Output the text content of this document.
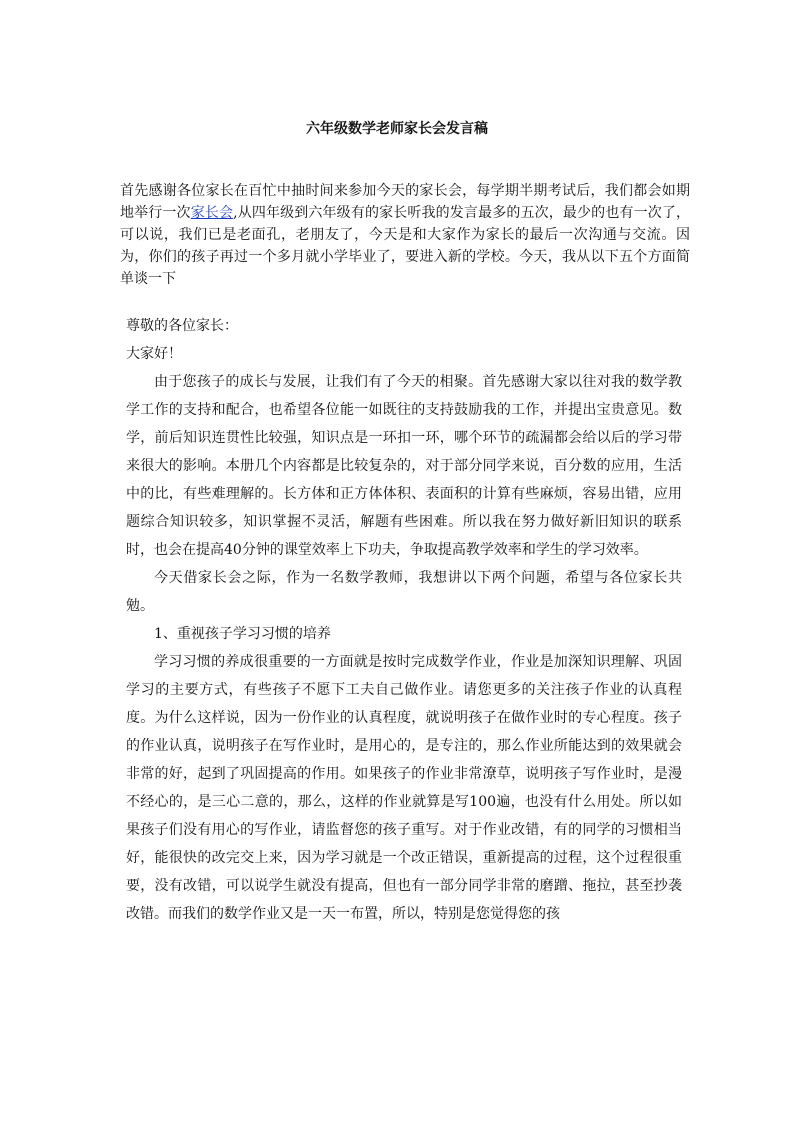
六年级数学老师家长会发言稿

首先感谢各位家长在百忙中抽时间来参加今天的家长会，每学期半期考试后，我们都会如期地举行一次家长会,从四年级到六年级有的家长听我的发言最多的五次，最少的也有一次了，可以说，我们已是老面孔，老朋友了，今天是和大家作为家长的最后一次沟通与交流。因为，你们的孩子再过一个多月就小学毕业了，要进入新的学校。今天，我从以下五个方面简单谈一下

尊敬的各位家长：

大家好！

由于您孩子的成长与发展，让我们有了今天的相聚。首先感谢大家以往对我的数学教学工作的支持和配合，也希望各位能一如既往的支持鼓励我的工作，并提出宝贵意见。数学，前后知识连贯性比较强，知识点是一环扣一环，哪个环节的疏漏都会给以后的学习带来很大的影响。本册几个内容都是比较复杂的，对于部分同学来说，百分数的应用，生活中的比，有些难理解的。长方体和正方体体积、表面积的计算有些麻烦，容易出错，应用题综合知识较多，知识掌握不灵活，解题有些困难。所以我在努力做好新旧知识的联系时，也会在提高40分钟的课堂效率上下功夫，争取提高教学效率和学生的学习效率。

今天借家长会之际，作为一名数学教师，我想讲以下两个问题，希望与各位家长共勉。

1、重视孩子学习习惯的培养

学习习惯的养成很重要的一方面就是按时完成数学作业，作业是加深知识理解、巩固学习的主要方式，有些孩子不愿下工夫自己做作业。请您更多的关注孩子作业的认真程度。为什么这样说，因为一份作业的认真程度，就说明孩子在做作业时的专心程度。孩子的作业认真，说明孩子在写作业时，是用心的，是专注的，那么作业所能达到的效果就会非常的好，起到了巩固提高的作用。如果孩子的作业非常潦草，说明孩子写作业时，是漫不经心的，是三心二意的，那么，这样的作业就算是写100遍，也没有什么用处。所以如果孩子们没有用心的写作业，请监督您的孩子重写。对于作业改错，有的同学的习惯相当好，能很快的改完交上来，因为学习就是一个改正错误，重新提高的过程，这个过程很重要，没有改错，可以说学生就没有提高，但也有一部分同学非常的磨蹭、拖拉，甚至抄袭改错。而我们的数学作业又是一天一布置，所以，特别是您觉得您的孩
